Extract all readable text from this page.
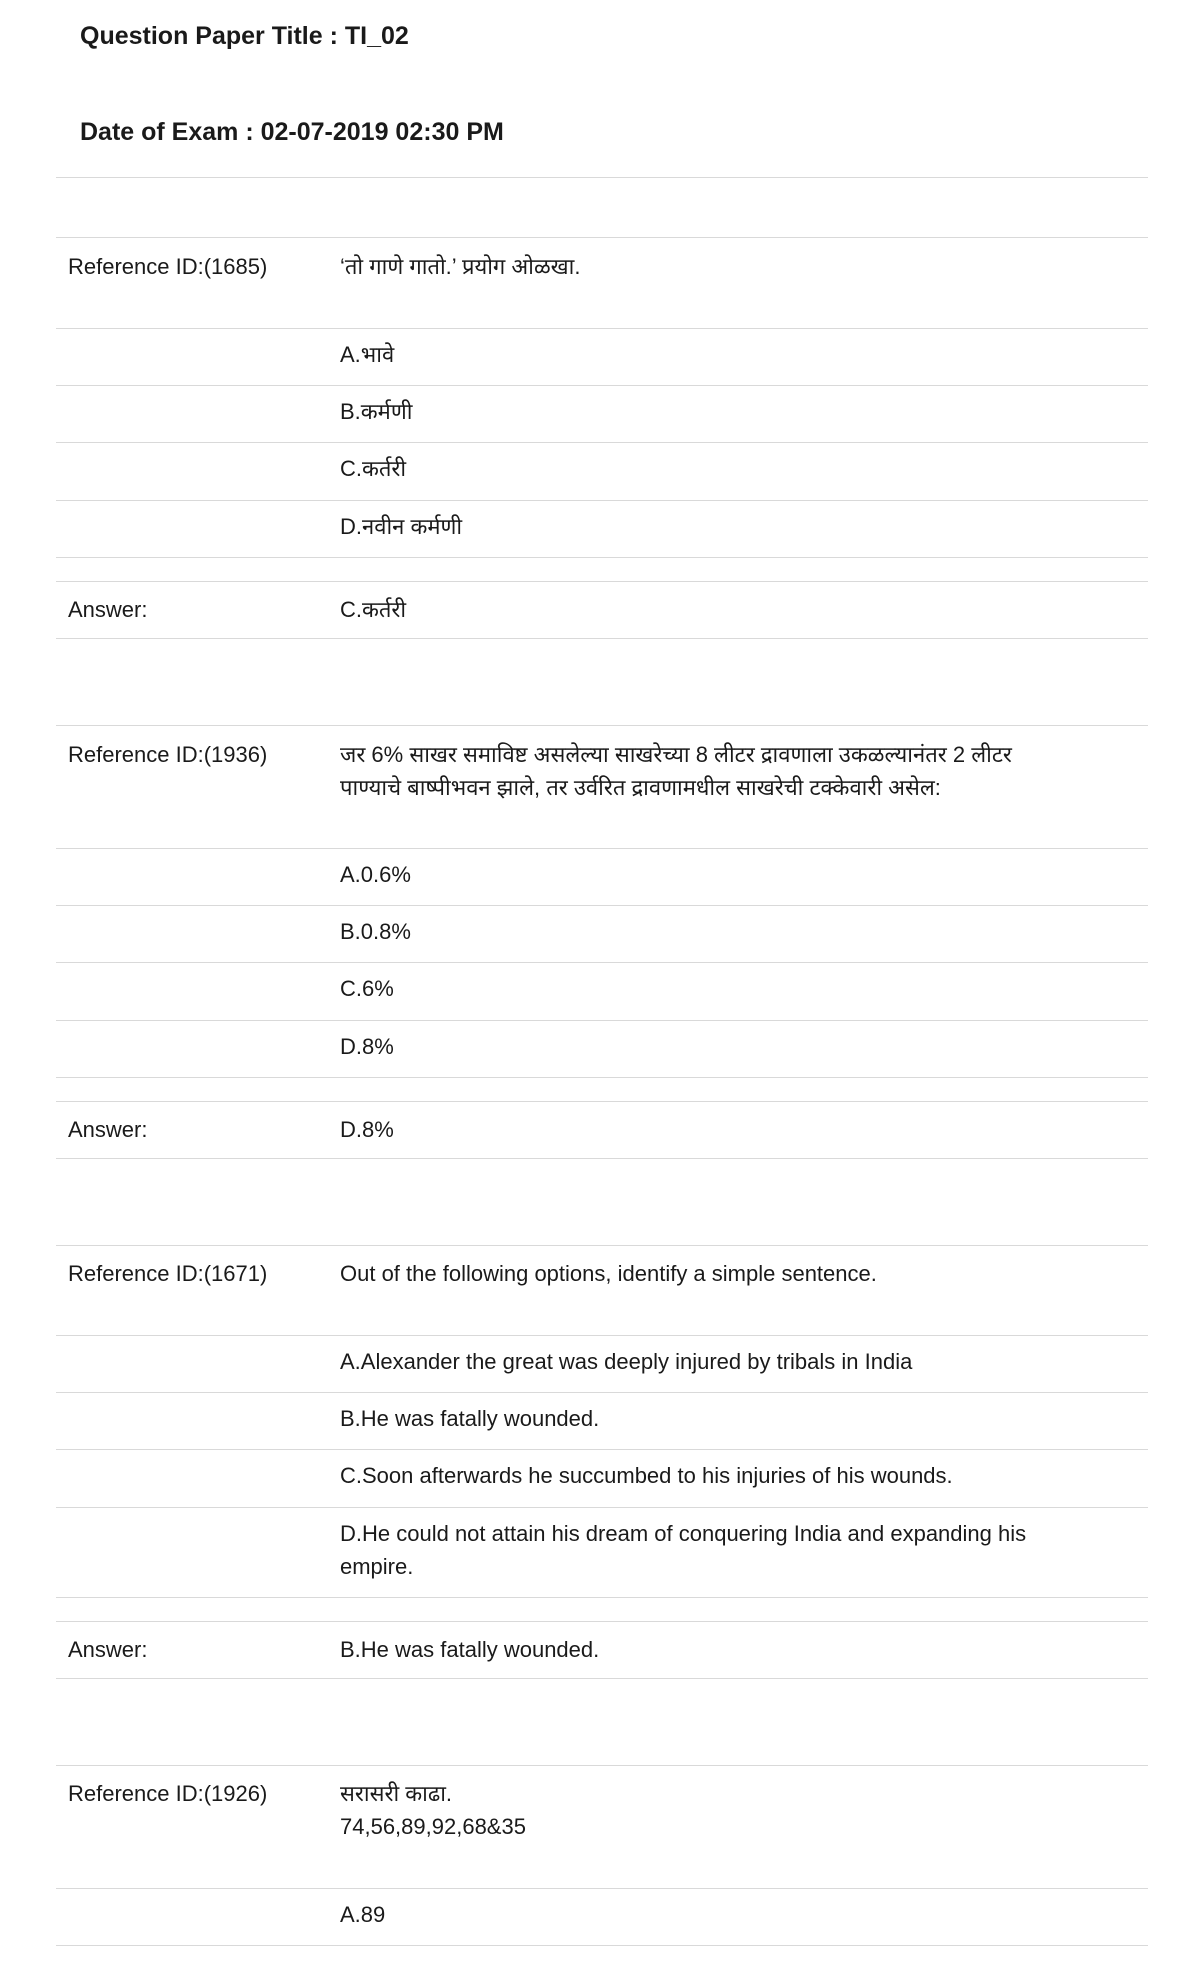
Question Paper Title : TI_02
Date of Exam : 02-07-2019 02:30 PM
Reference ID:(1685)	‘तो गाणे गातो.’ प्रयोग ओळखा.
A.भावे
B.कर्मणी
C.कर्तरी
D.नवीन कर्मणी
Answer:	C.कर्तरी
Reference ID:(1936)	जर 6% साखर समाविष्ट असलेल्या साखरेच्या 8 लीटर द्रावणाला उकळल्यानंतर 2 लीटर
पाण्याचे बाष्पीभवन झाले, तर उर्वरित द्रावणामधील साखरेची टक्केवारी असेल:
A.0.6%
B.0.8%
C.6%
D.8%
Answer:	D.8%
Reference ID:(1671)	Out of the following options, identify a simple sentence.
A.Alexander the great was deeply injured by tribals in India
B.He was fatally wounded.
C.Soon afterwards he succumbed to his injuries of his wounds.
D.He could not attain his dream of conquering India and expanding his
empire.
Answer:	B.He was fatally wounded.
Reference ID:(1926)	सरासरी काढा.
74,56,89,92,68&35
A.89
